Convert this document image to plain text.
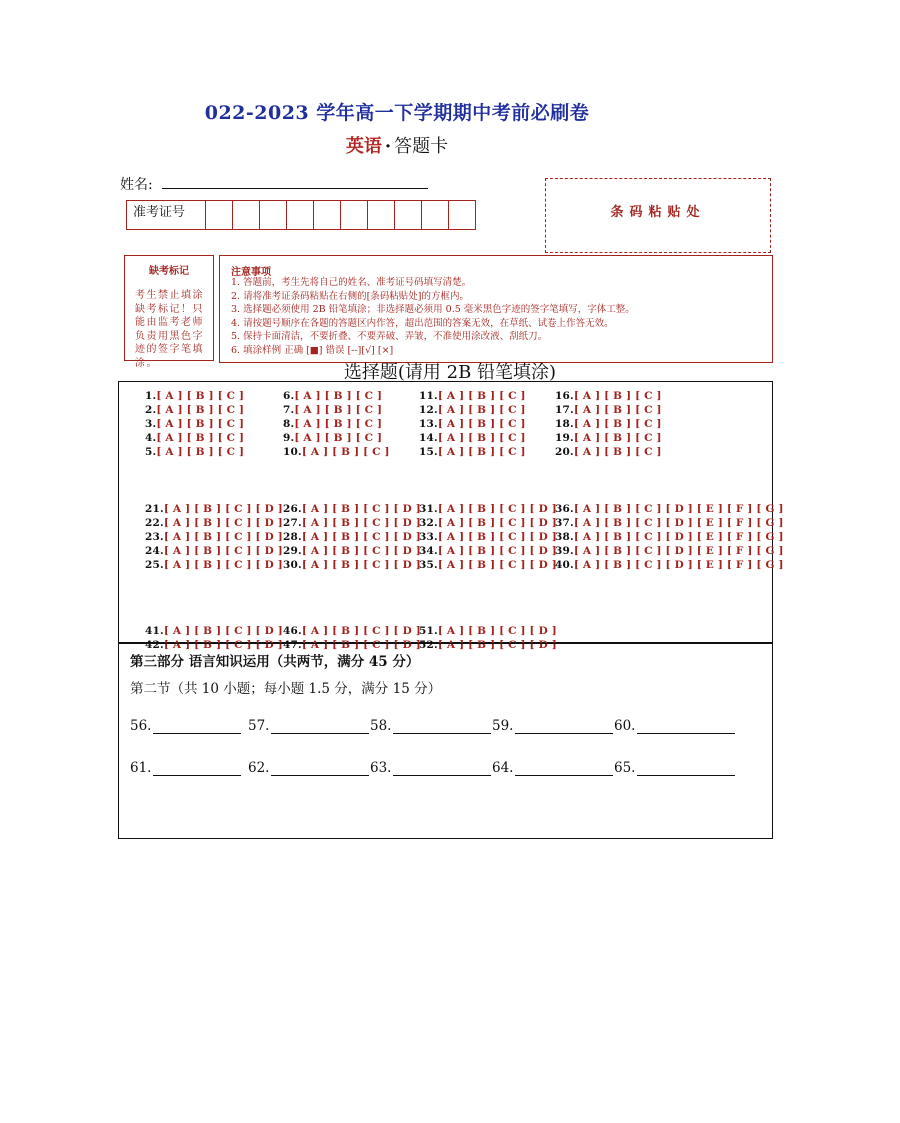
022-2023 学年高一下学期期中考前必刷卷
英语 · 答题卡
姓名:
准考证号	条码粘贴处
缺考标记
考生禁止填涂缺考标记！只能由监考老师负责用黑色字迹的签字笔填涂。
注意事项
1. 答题前，考生先将自己的姓名、准考证号码填写清楚。
2. 请将准考证条码粘贴在右侧的[条码粘贴处]的方框内。
3. 选择题必须使用 2B 铅笔填涂；非选择题必须用 0.5 毫米黑色字迹的签字笔填写，字体工整。
4. 请按题号顺序在各题的答题区内作答，超出范围的答案无效，在草纸、试卷上作答无效。
5. 保持卡面清洁，不要折叠、不要弄破、弄皱，不准使用涂改液、刮纸刀。
6. 填涂样例 正确 [■] 错误 [--][√] [×]
选择题(请用 2B 铅笔填涂)
1.[ A ] [ B ] [ C ]
2.[ A ] [ B ] [ C ]
3.[ A ] [ B ] [ C ]
4.[ A ] [ B ] [ C ]
5.[ A ] [ B ] [ C ]
6.[ A ] [ B ] [ C ]
7.[ A ] [ B ] [ C ]
8.[ A ] [ B ] [ C ]
9.[ A ] [ B ] [ C ]
10.[ A ] [ B ] [ C ]
11.[ A ] [ B ] [ C ]
12.[ A ] [ B ] [ C ]
13.[ A ] [ B ] [ C ]
14.[ A ] [ B ] [ C ]
15.[ A ] [ B ] [ C ]
16.[ A ] [ B ] [ C ]
17.[ A ] [ B ] [ C ]
18.[ A ] [ B ] [ C ]
19.[ A ] [ B ] [ C ]
20.[ A ] [ B ] [ C ]
21.[ A ] [ B ] [ C ] [ D ]
22.[ A ] [ B ] [ C ] [ D ]
23.[ A ] [ B ] [ C ] [ D ]
24.[ A ] [ B ] [ C ] [ D ]
25.[ A ] [ B ] [ C ] [ D ]
26.[ A ] [ B ] [ C ] [ D ]
27.[ A ] [ B ] [ C ] [ D ]
28.[ A ] [ B ] [ C ] [ D ]
29.[ A ] [ B ] [ C ] [ D ]
30.[ A ] [ B ] [ C ] [ D ]
31.[ A ] [ B ] [ C ] [ D ]
32.[ A ] [ B ] [ C ] [ D ]
33.[ A ] [ B ] [ C ] [ D ]
34.[ A ] [ B ] [ C ] [ D ]
35.[ A ] [ B ] [ C ] [ D ]
36.[ A ] [ B ] [ C ] [ D ] [ E ] [ F ] [ G ]
37.[ A ] [ B ] [ C ] [ D ] [ E ] [ F ] [ G ]
38.[ A ] [ B ] [ C ] [ D ] [ E ] [ F ] [ G ]
39.[ A ] [ B ] [ C ] [ D ] [ E ] [ F ] [ G ]
40.[ A ] [ B ] [ C ] [ D ] [ E ] [ F ] [ G ]
41.[ A ] [ B ] [ C ] [ D ]
42.[ A ] [ B ] [ C ] [ D ]
46.[ A ] [ B ] [ C ] [ D ]
47.[ A ] [ B ] [ C ] [ D ]
51.[ A ] [ B ] [ C ] [ D ]
52.[ A ] [ B ] [ C ] [ D ]
第三部分 语言知识运用（共两节，满分 45 分）
第二节（共 10 小题；每小题 1.5 分，满分 15 分）
56.	57.	58.	59.	60.
61.	62.	63.	64.	65.
